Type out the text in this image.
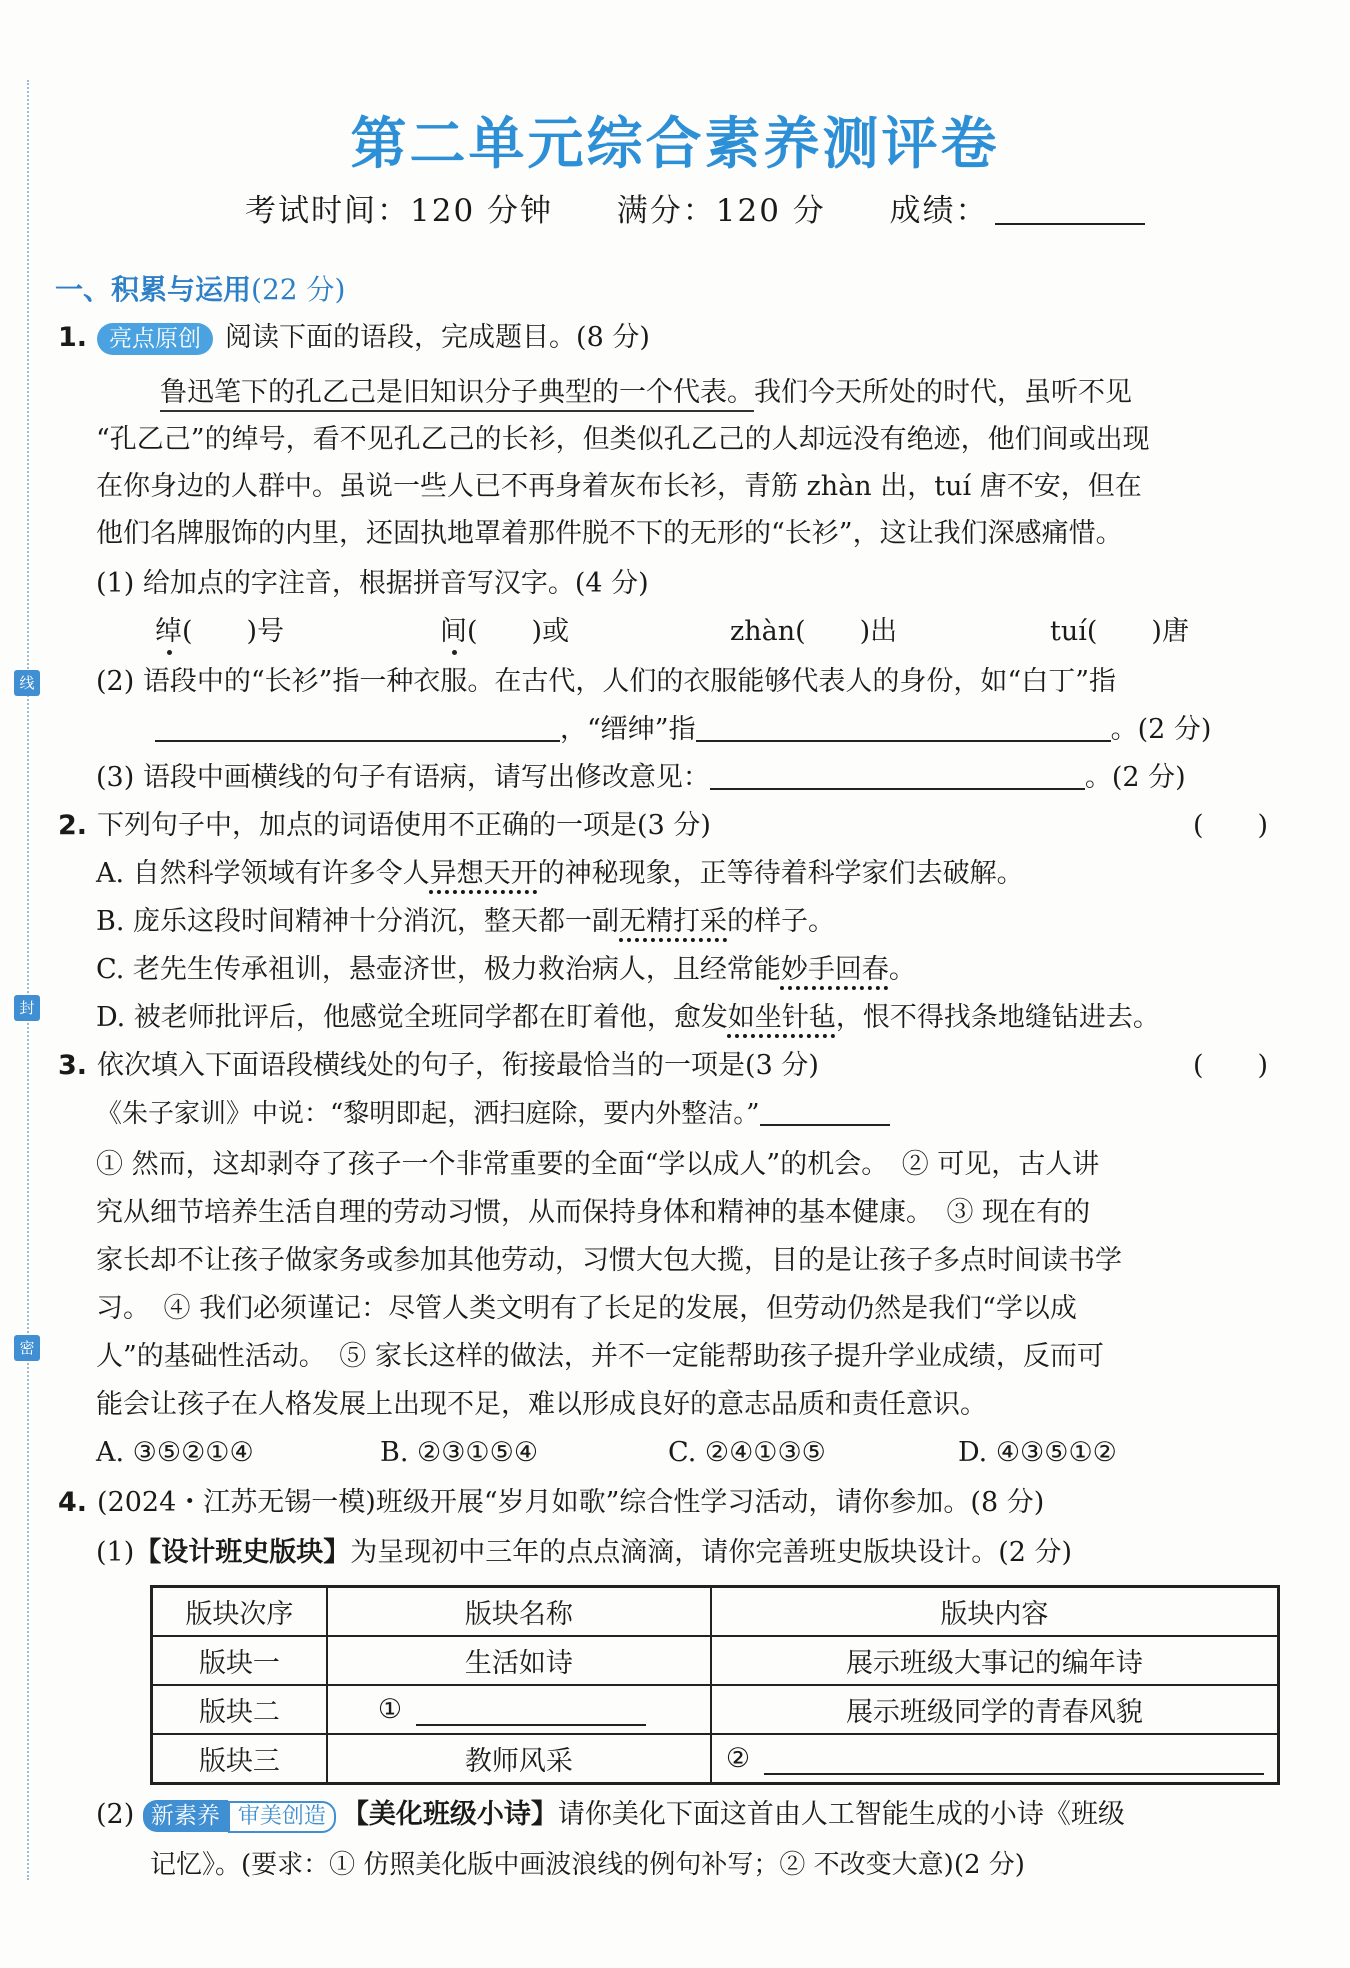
线
封
密
第二单元综合素养测评卷
考试时间：120 分钟 满分：120 分 成绩：
一、积累与运用(22 分)
1. 亮点原创 阅读下面的语段，完成题目。(8 分)
鲁迅笔下的孔乙己是旧知识分子典型的一个代表。我们今天所处的时代，虽听不见
“孔乙己”的绰号，看不见孔乙己的长衫，但类似孔乙己的人却远没有绝迹，他们间或出现
在你身边的人群中。虽说一些人已不再身着灰布长衫，青筋 zhàn 出，tuí 唐不安，但在
他们名牌服饰的内里，还固执地罩着那件脱不下的无形的“长衫”，这让我们深感痛惜。
(1) 给加点的字注音，根据拼音写汉字。(4 分)
绰(　　)号	间(　　)或	zhàn(　　)出	tuí(　　)唐
(2) 语段中的“长衫”指一种衣服。在古代，人们的衣服能够代表人的身份，如“白丁”指
，“缙绅”指	。(2 分)
(3) 语段中画横线的句子有语病，请写出修改意见：	。(2 分)
2. 下列句子中，加点的词语使用不正确的一项是(3 分)	(　　)
A. 自然科学领域有许多令人异想天开的神秘现象，正等待着科学家们去破解。
B. 庞乐这段时间精神十分消沉，整天都一副无精打采的样子。
C. 老先生传承祖训，悬壶济世，极力救治病人，且经常能妙手回春。
D. 被老师批评后，他感觉全班同学都在盯着他，愈发如坐针毡，恨不得找条地缝钻进去。
3. 依次填入下面语段横线处的句子，衔接最恰当的一项是(3 分)	(　　)
《朱子家训》中说：“黎明即起，洒扫庭除，要内外整洁。”
① 然而，这却剥夺了孩子一个非常重要的全面“学以成人”的机会。　② 可见，古人讲
究从细节培养生活自理的劳动习惯，从而保持身体和精神的基本健康。　③ 现在有的
家长却不让孩子做家务或参加其他劳动，习惯大包大揽，目的是让孩子多点时间读书学
习。　④ 我们必须谨记：尽管人类文明有了长足的发展，但劳动仍然是我们“学以成
人”的基础性活动。　⑤ 家长这样的做法，并不一定能帮助孩子提升学业成绩，反而可
能会让孩子在人格发展上出现不足，难以形成良好的意志品质和责任意识。
A. ③⑤②①④	B. ②③①⑤④	C. ②④①③⑤	D. ④③⑤①②
4. (2024・江苏无锡一模)班级开展“岁月如歌”综合性学习活动，请你参加。(8 分)
(1)【设计班史版块】为呈现初中三年的点点滴滴，请你完善班史版块设计。(2 分)
版块次序	版块名称	版块内容
版块一	生活如诗	展示班级大事记的编年诗
版块二	①	展示班级同学的青春风貌
版块三	教师风采	②
(2) 新素养 审美创造 【美化班级小诗】请你美化下面这首由人工智能生成的小诗《班级
记忆》。(要求：① 仿照美化版中画波浪线的例句补写；② 不改变大意)(2 分)
